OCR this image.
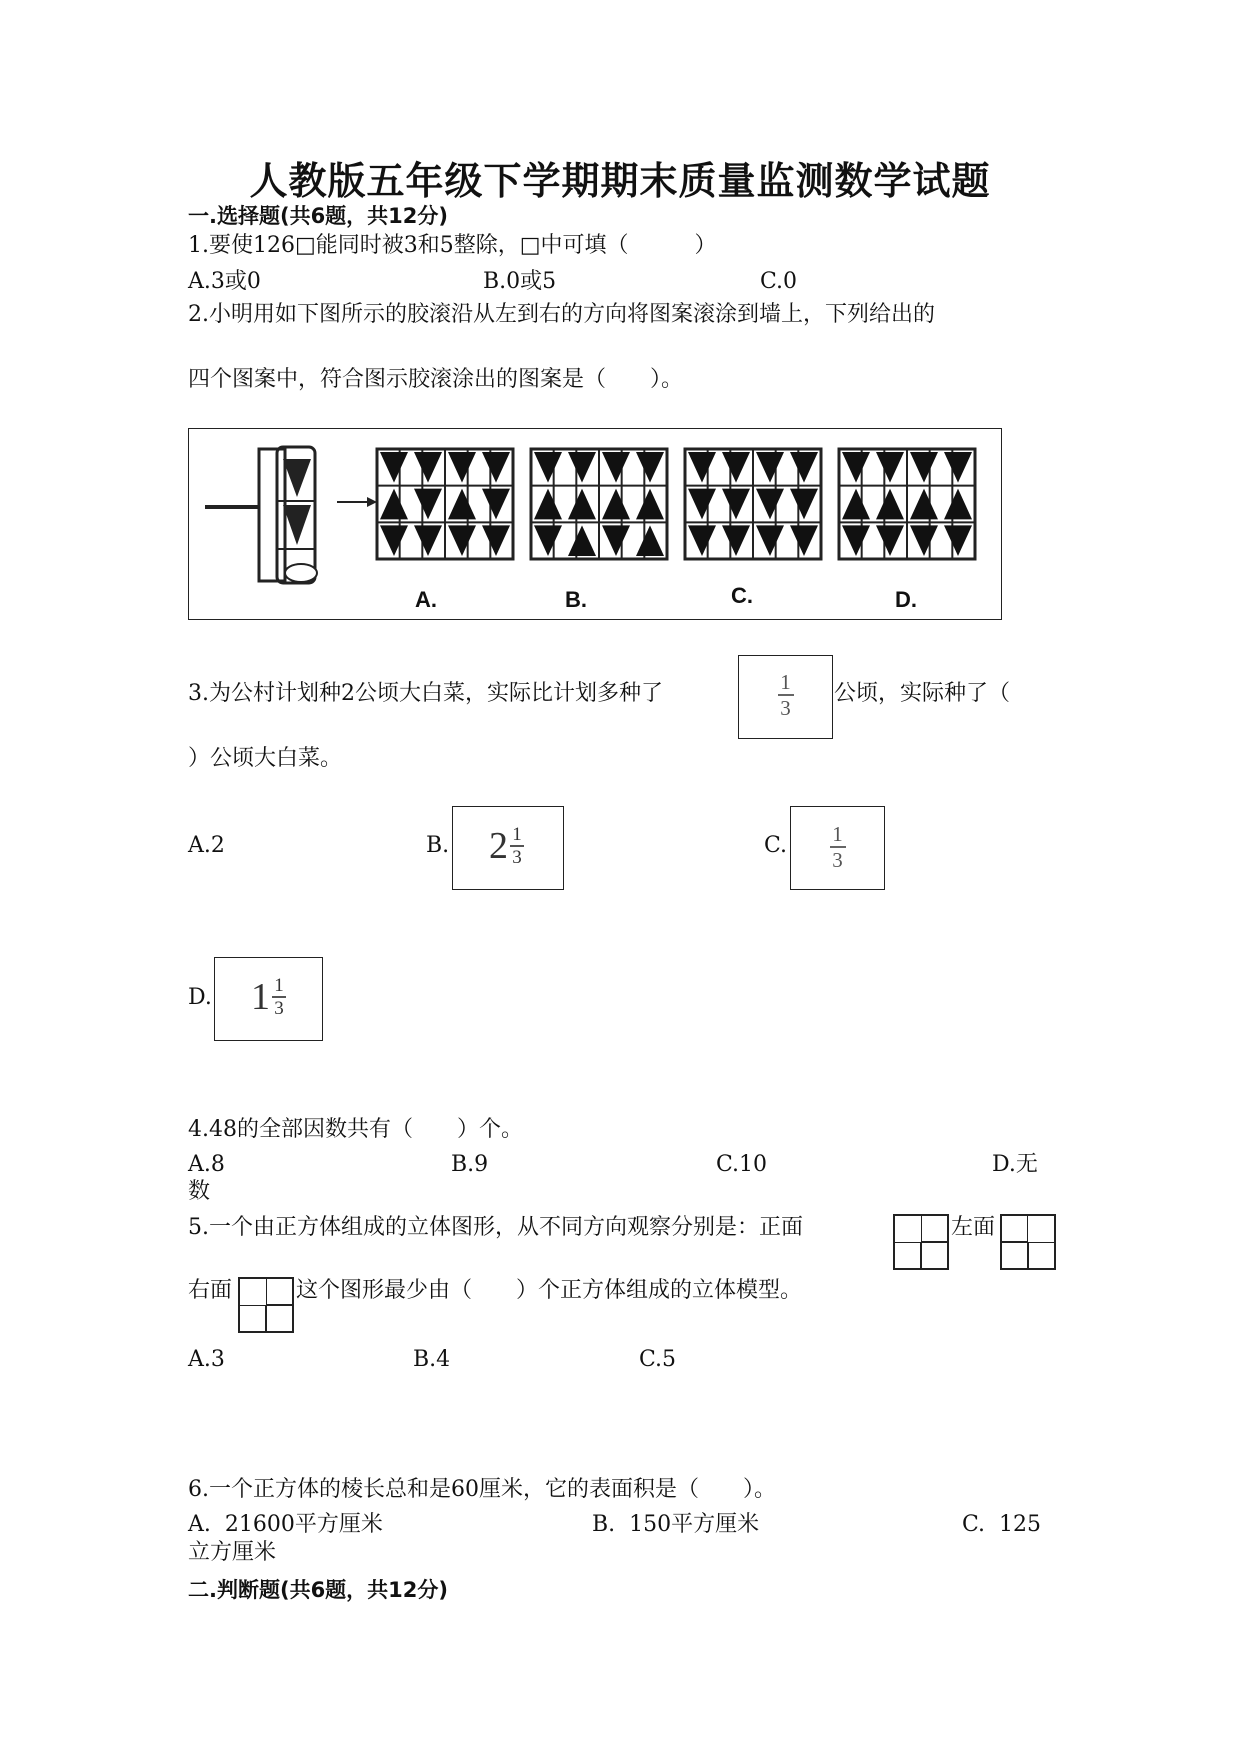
人教版五年级下学期期末质量监测数学试题
一.选择题(共6题，共12分)
1.要使126□能同时被3和5整除，□中可填（　　　）
A.3或0	B.0或5	C.0
2.小明用如下图所示的胶滚沿从左到右的方向将图案滚涂到墙上，下列给出的
四个图案中，符合图示胶滚涂出的图案是（　　）。
A.	B.	C.	D.
3.为公村计划种2公顷大白菜，实际比计划多种了	1
3
公顷，实际种了（
）公顷大白菜。
A.2	B. 2 1
3	C.	1
3
D. 1 1
3
4.48的全部因数共有（　　）个。
A.8	B.9	C.10	D.无
数
5.一个由正方体组成的立体图形，从不同方向观察分别是：正面	左面
右面	这个图形最少由（　　）个正方体组成的立体模型。
A.3	B.4	C.5
6.一个正方体的棱长总和是60厘米，它的表面积是（　　）。
A.  21600平方厘米	B.  150平方厘米	C.  125
立方厘米
二.判断题(共6题，共12分)
